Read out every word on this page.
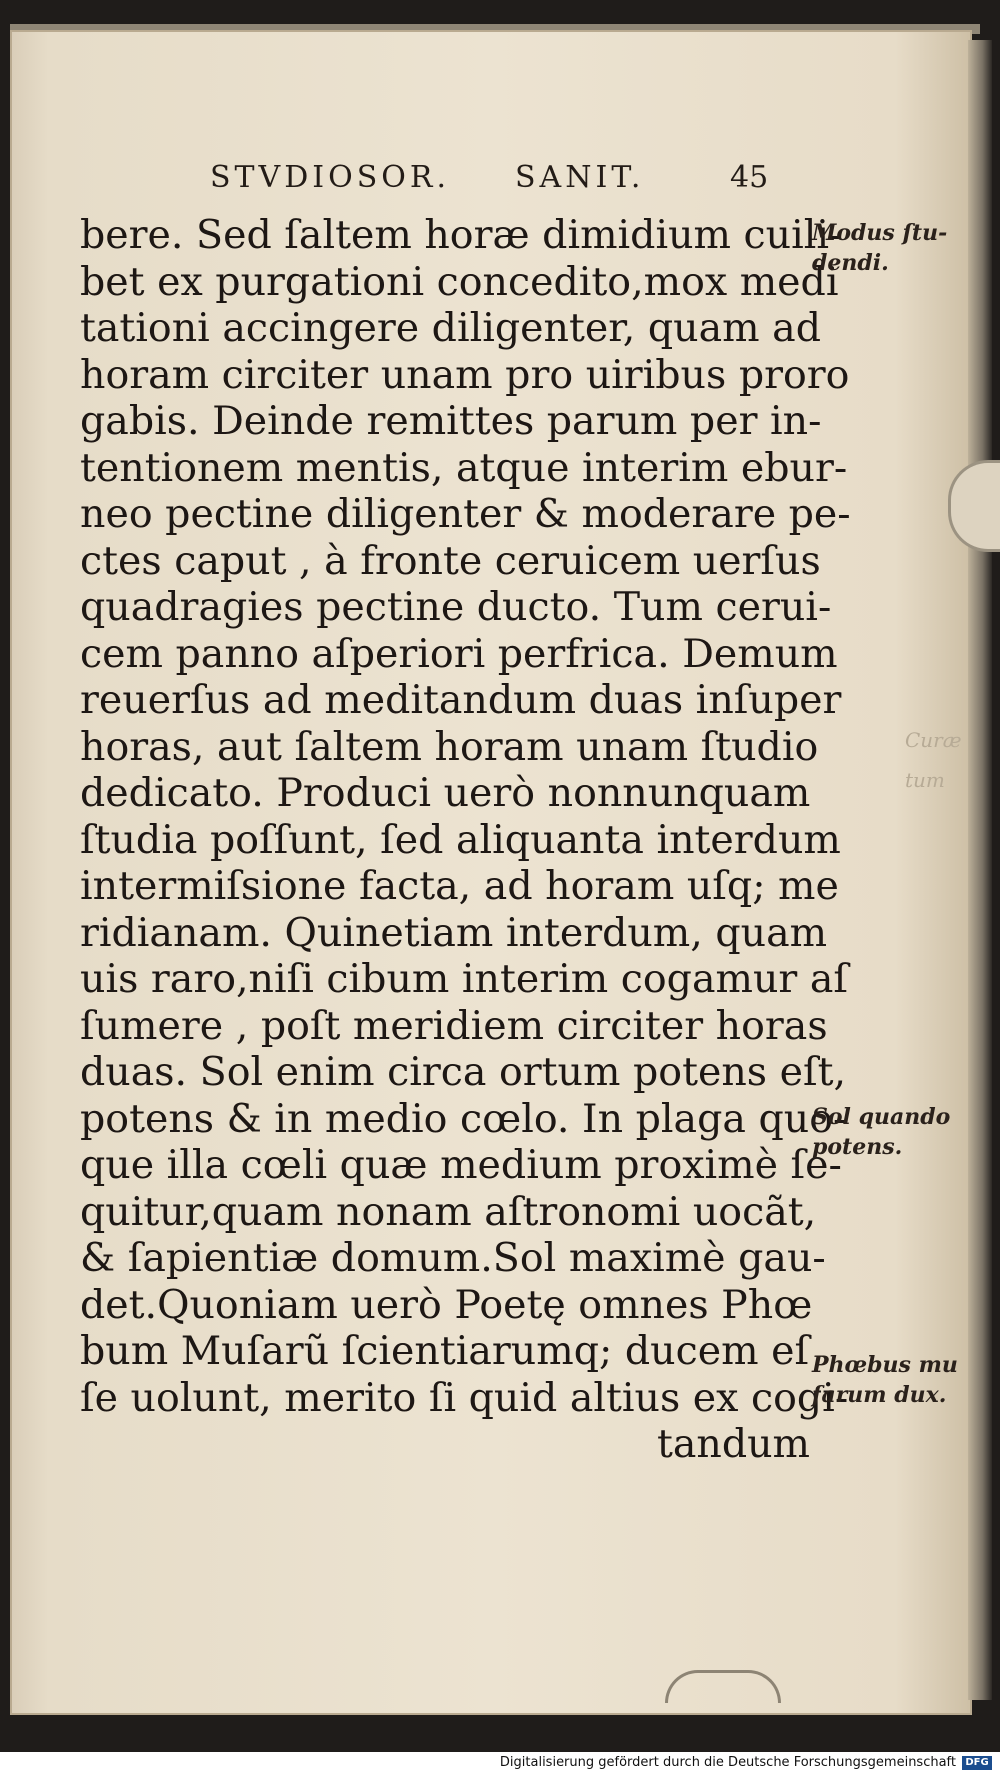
STVDIOSOR. SANIT.	45
bere. Sed ſaltem horæ dimidium cuili-
bet ex purgationi concedito,mox medi
tationi accingere diligenter, quam ad
horam circiter unam pro uiribus proro
gabis. Deinde remittes parum per in-
tentionem mentis, atque interim ebur-
neo pectine diligenter & moderare pe-
ctes caput , à fronte ceruicem uerſus
quadragies pectine ducto. Tum cerui-
cem panno aſperiori perfrica. Demum
reuerſus ad meditandum duas inſuper
horas, aut ſaltem horam unam ſtudio
dedicato. Produci uerò nonnunquam
ſtudia poſſunt, ſed aliquanta interdum
intermiſsione facta, ad horam uſq; me
ridianam. Quinetiam interdum, quam
uis raro,niſi cibum interim cogamur aſ
ſumere , poſt meridiem circiter horas
duas. Sol enim circa ortum potens eſt,
potens & in medio cœlo. In plaga quo-
que illa cœli quæ medium proximè ſe-
quitur,quam nonam aſtronomi uocãt,
& ſapientiæ domum.Sol maximè gau-
det.Quoniam uerò Poetę omnes Phœ
bum Muſarũ ſcientiarumq; ducem eſ
ſe uolunt, merito ſi quid altius ex cogi-
tandum
Modus ſtu-
dendi.
Sol quando
potens.
Phœbus mu
ſarum dux.
Curæ
tum
Digitalisierung gefördert durch die Deutsche Forschungsgemeinschaft DFG
